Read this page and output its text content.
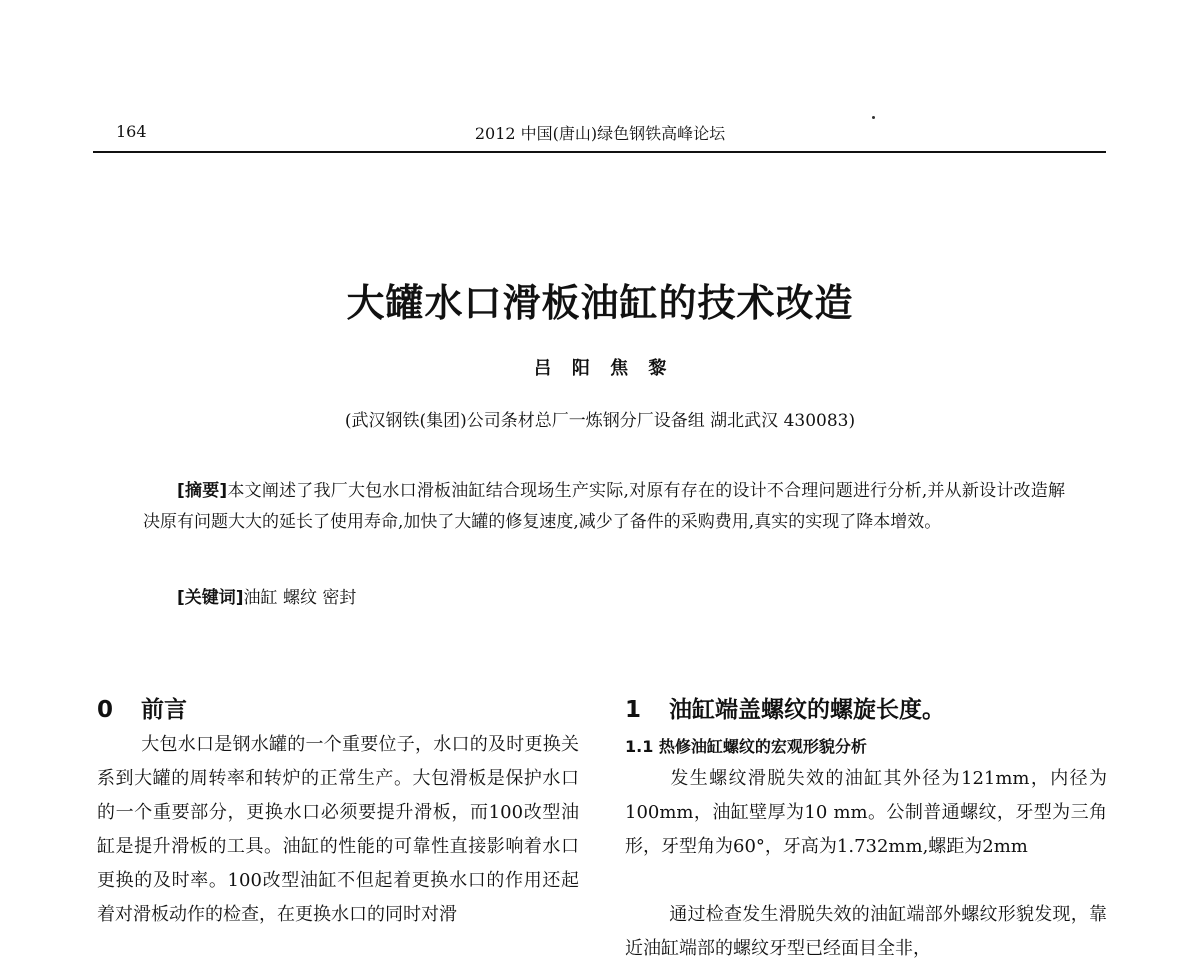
164	2012 中国(唐山)绿色钢铁高峰论坛
大罐水口滑板油缸的技术改造
吕 阳 焦 黎
(武汉钢铁(集团)公司条材总厂一炼钢分厂设备组 湖北武汉 430083)
[摘要]本文阐述了我厂大包水口滑板油缸结合现场生产实际,对原有存在的设计不合理问题进行分析,并从新设计改造解决原有问题大大的延长了使用寿命,加快了大罐的修复速度,减少了备件的采购费用,真实的实现了降本增效。
[关键词]油缸 螺纹 密封
0 前言
大包水口是钢水罐的一个重要位子，水口的及时更换关系到大罐的周转率和转炉的正常生产。大包滑板是保护水口的一个重要部分，更换水口必须要提升滑板，而100改型油缸是提升滑板的工具。油缸的性能的可靠性直接影响着水口更换的及时率。100改型油缸不但起着更换水口的作用还起着对滑板动作的检查，在更换水口的同时对滑
1 油缸端盖螺纹的螺旋长度。
1.1 热修油缸螺纹的宏观形貌分析
发生螺纹滑脱失效的油缸其外径为121mm，内径为100mm，油缸壁厚为10 mm。公制普通螺纹，牙型为三角形，牙型角为60°，牙高为1.732mm,螺距为2mm
通过检查发生滑脱失效的油缸端部外螺纹形貌发现，靠近油缸端部的螺纹牙型已经面目全非，
